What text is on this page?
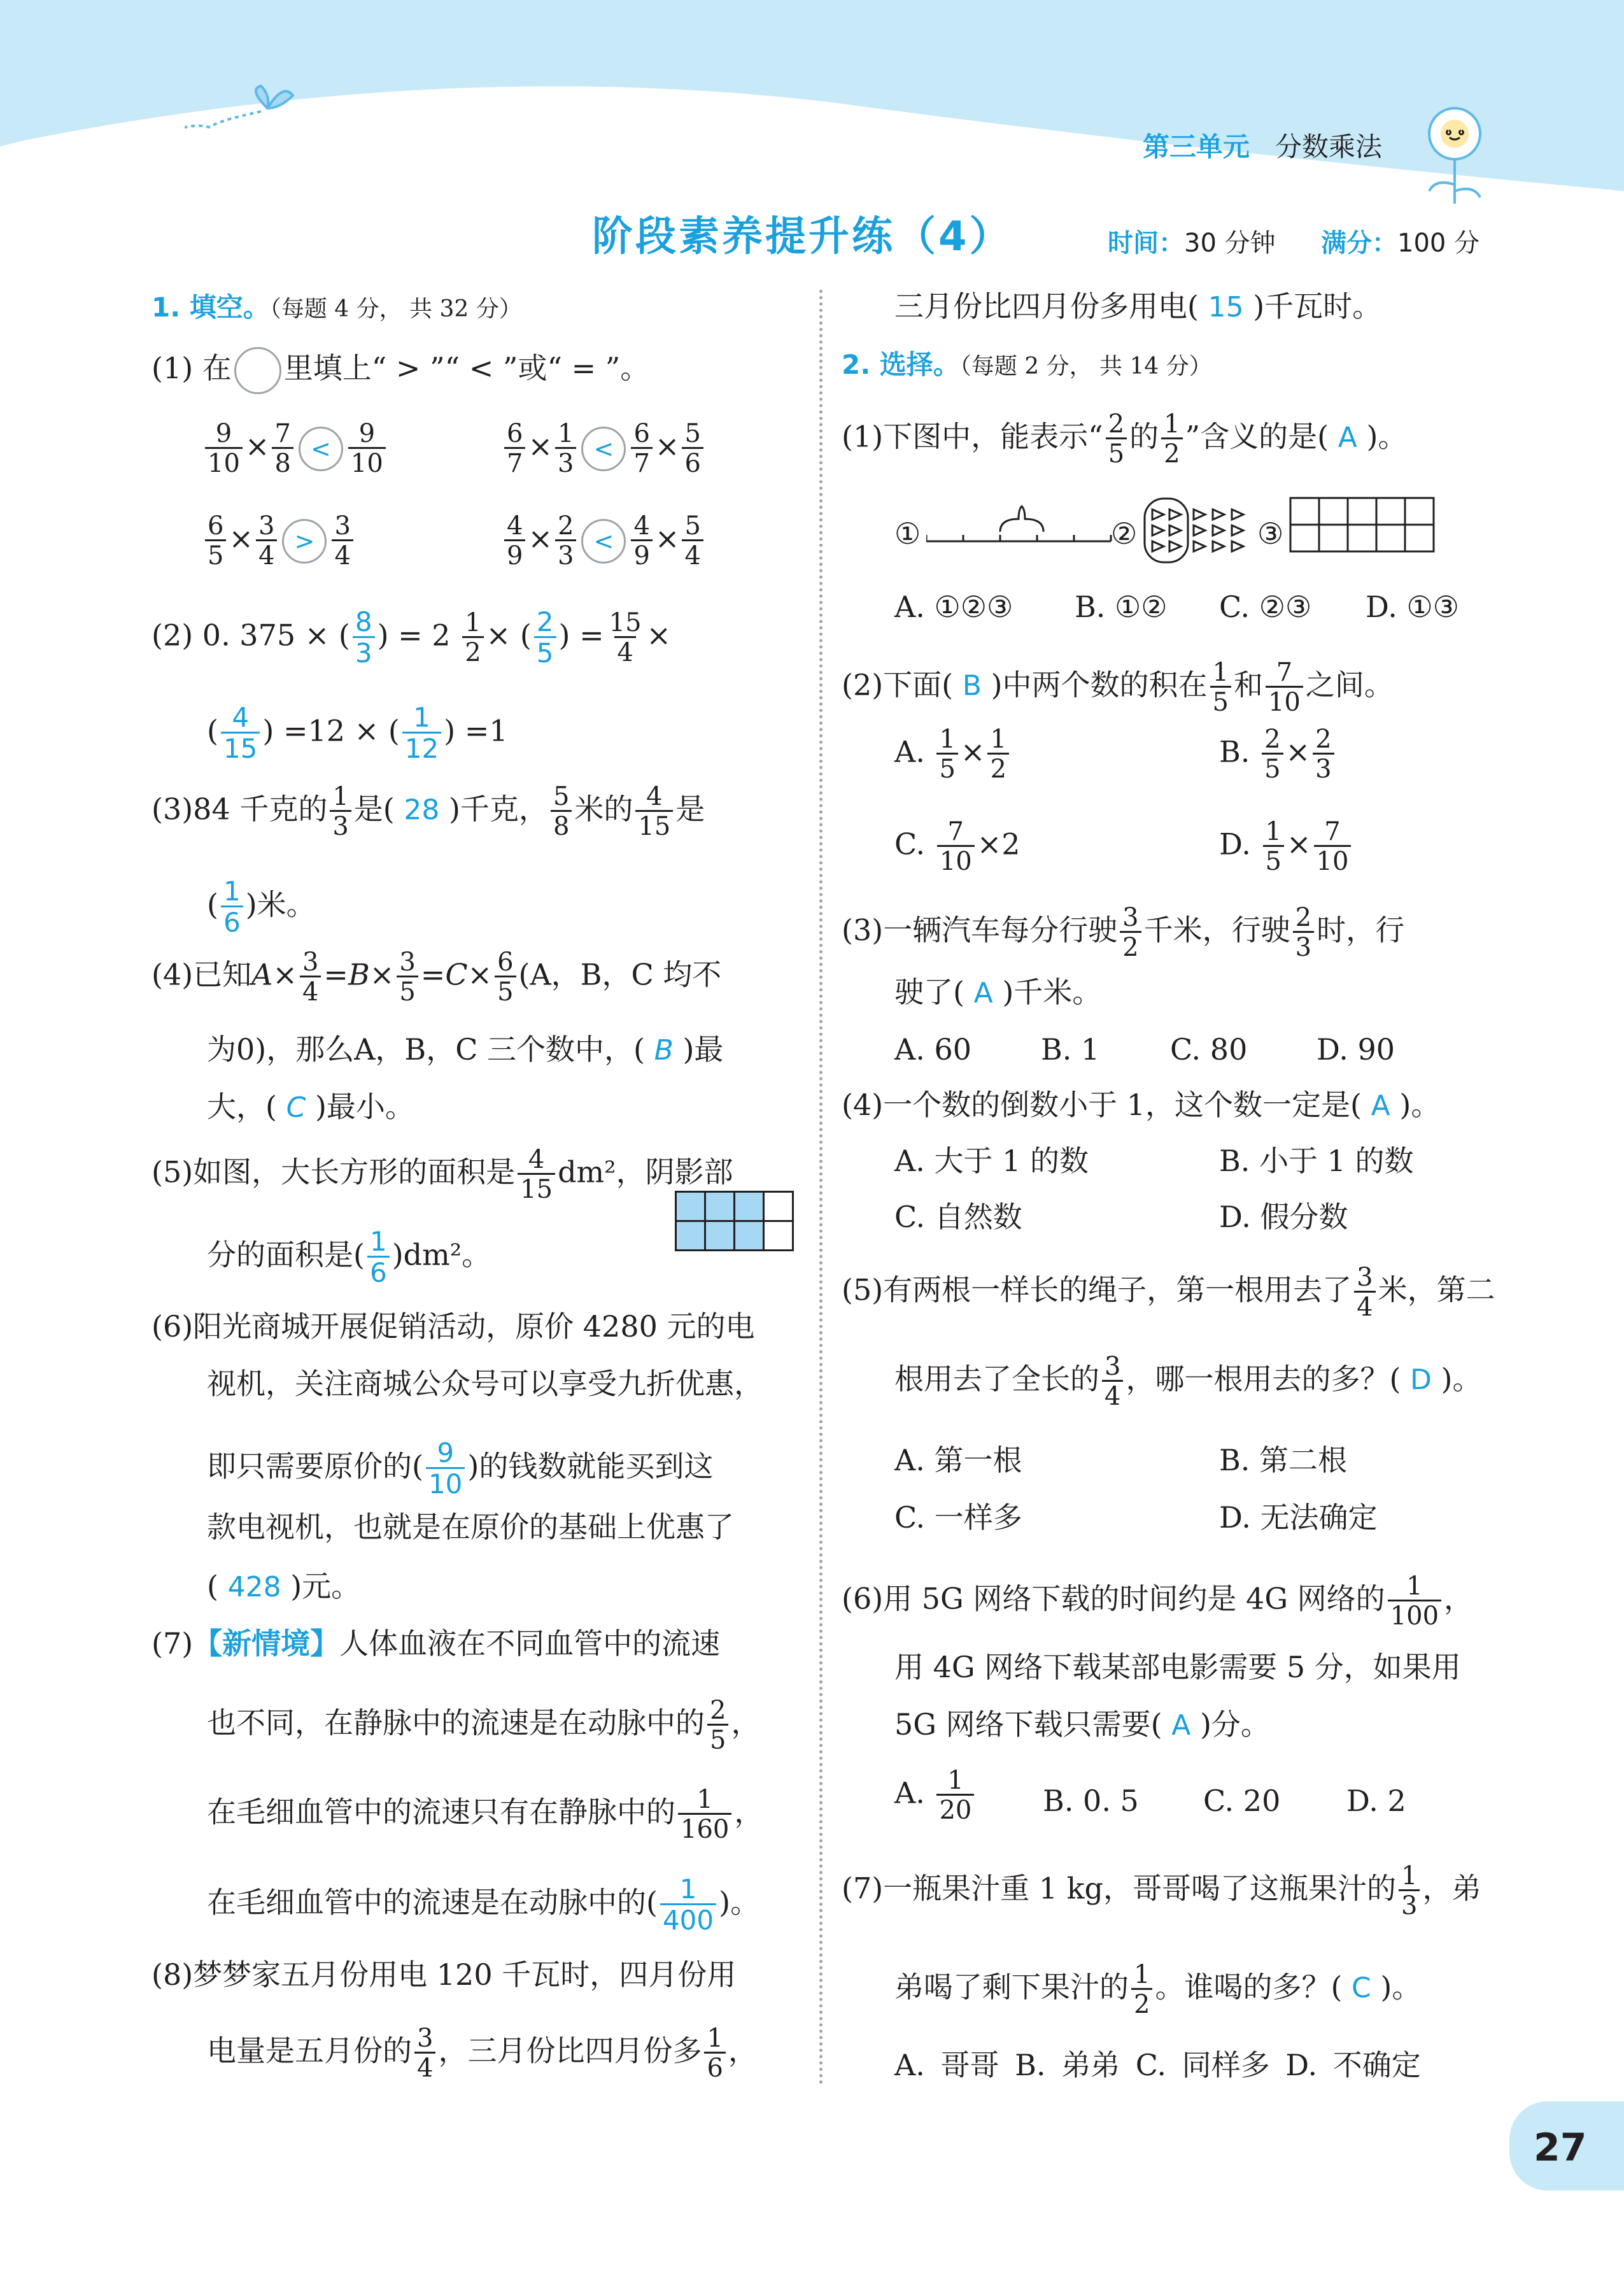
第三单元 分数乘法
阶段素养提升练（4）	时间：30 分钟 满分：100 分
1. 填空。（每题 4 分， 共 32 分）
(1) 在 里填上“ > ”“ < ”或“ = ”。
$\frac{9}{10} \times \frac{7}{8} < \frac{9}{10}$	$\frac{6}{7} \times \frac{1}{3} < \frac{6}{7} \times \frac{5}{6}$
$\frac{6}{5} \times \frac{3}{4} > \frac{3}{4}$	$\frac{4}{9} \times \frac{2}{3} < \frac{4}{9} \times \frac{5}{4}$
(2) 0. 375 × ( $\frac{8}{3}$ ) = $2 \frac{1}{2}$ × ( $\frac{2}{5}$ ) = $\frac{15}{4}$ ×
( $\frac{4}{15}$ ) =12 × ( $\frac{1}{12}$ ) =1
(3)84 千克的 $\frac{1}{3}$ 是( 28 )千克， $\frac{5}{8}$ 米的 $\frac{4}{15}$ 是
( $\frac{1}{6}$ )米。
(4)已知$A\times \frac{3}{4} =B\times \frac{3}{5} =C\times \frac{6}{5} (A$，B，C 均不
为0)，那么A，B，C 三个数中，( B )最
大，( C )最小。
(5)如图，大长方形的面积是 $\frac{4}{15} dm^2$，阴影部
分的面积是( $\frac{1}{6} )dm^2$。
(6)阳光商城开展促销活动，原价 4280 元的电
视机，关注商城公众号可以享受九折优惠，
即只需要原价的( $\frac{9}{10}$ )的钱数就能买到这
款电视机，也就是在原价的基础上优惠了
( 428 )元。
(7)【新情境】人体血液在不同血管中的流速
也不同，在静脉中的流速是在动脉中的 $\frac{2}{5}$ ，
在毛细血管中的流速只有在静脉中的 $\frac{1}{160}$ ，
在毛细血管中的流速是在动脉中的( $\frac{1}{400}$ )。
(8)梦梦家五月份用电 120 千瓦时，四月份用
电量是五月份的 $\frac{3}{4}$ ，三月份比四月份多 $\frac{1}{6}$ ，
三月份比四月份多用电( 15 )千瓦时。
2. 选择。（每题 2 分， 共 14 分）
(1)下图中，能表示“ $\frac{2}{5}$ 的 $\frac{1}{2}$ ”含义的是( A )。
①	②	③
A. ①②③ B. ①② C. ②③ D. ①③
(2)下面( B )中两个数的积在 $\frac{1}{5}$ 和 $\frac{7}{10}$ 之间。
A. $\frac{1}{5} \times \frac{1}{2}$	B. $\frac{2}{5} \times \frac{2}{3}$
C. $\frac{7}{10} \times 2$	D. $\frac{1}{5} \times \frac{7}{10}$
(3)一辆汽车每分行驶 $\frac{3}{2}$ 千米，行驶 $\frac{2}{3}$ 时，行
驶了( A )千米。
A. 60 B. 1 C. 80 D. 90
(4)一个数的倒数小于 1，这个数一定是( A )。
A. 大于 1 的数	B. 小于 1 的数
C. 自然数	D. 假分数
(5)有两根一样长的绳子，第一根用去了 $\frac{3}{4}$ 米，第二
根用去了全长的 $\frac{3}{4}$ ，哪一根用去的多？( D )。
A. 第一根	B. 第二根
C. 一样多	D. 无法确定
(6)用 5G 网络下载的时间约是 4G 网络的 $\frac{1}{100}$ ，
用 4G 网络下载某部电影需要 5 分，如果用
5G 网络下载只需要( A )分。
A. $\frac{1}{20} B$. 0. 5 C. 20 D. 2
(7)一瓶果汁重 1 kg，哥哥喝了这瓶果汁的 $\frac{1}{3}$ ，弟
弟喝了剩下果汁的 $\frac{1}{2}$ 。谁喝的多？( C )。
A. 哥哥 B. 弟弟 C. 同样多 D. 不确定
27
